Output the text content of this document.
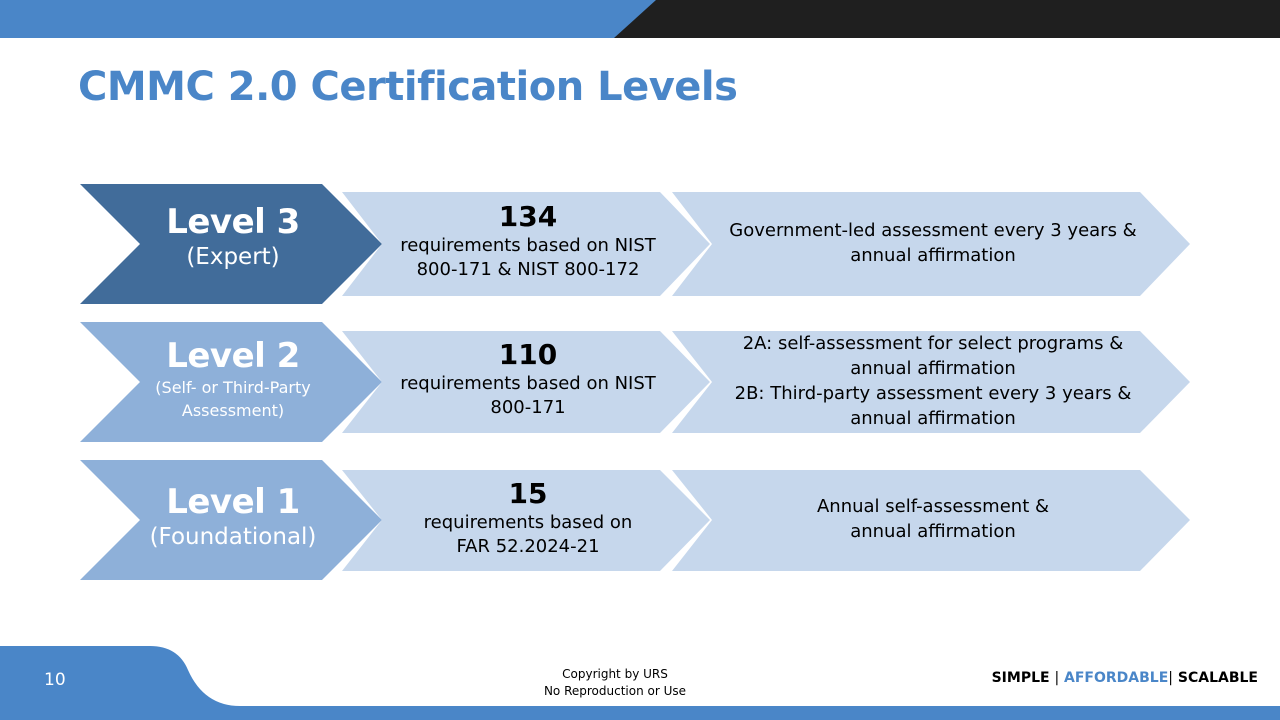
CMMC 2.0 Certification Levels
Level 3
(Expert)
134
requirements based on NIST 800-171 & NIST 800-172
Government-led assessment every 3 years & annual affirmation
Level 2
(Self- or Third-Party Assessment)
110
requirements based on NIST 800-171
2A: self-assessment for select programs & annual affirmation
2B: Third-party assessment every 3 years & annual affirmation
Level 1
(Foundational)
15
requirements based on FAR 52.2024-21
Annual self-assessment & annual affirmation
10	Copyright by URS
No Reproduction or Use
SIMPLE | AFFORDABLE| SCALABLE
